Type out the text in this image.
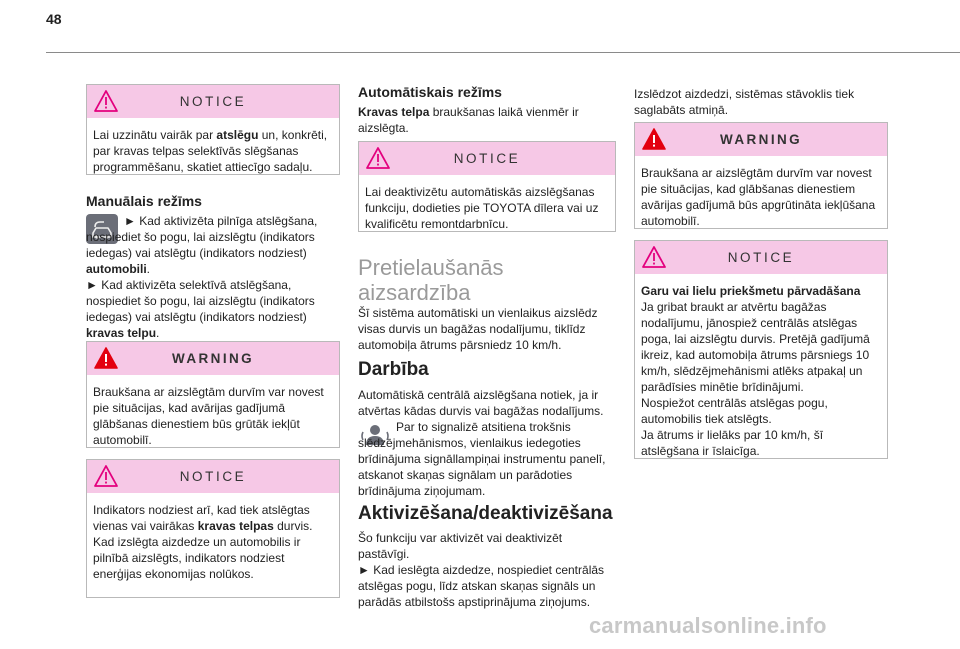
48
NOTICE
Lai uzzinātu vairāk par atslēgu un, konkrēti, par kravas telpas selektīvās slēgšanas programmēšanu, skatiet attiecīgo sadaļu.
Manuālais režīms
► Kad aktivizēta pilnīga atslēgšana, nospiediet šo pogu, lai aizslēgtu (indikators iedegas) vai atslēgtu (indikators nodziest) automobili.
► Kad aktivizēta selektīvā atslēgšana, nospiediet šo pogu, lai aizslēgtu (indikators iedegas) vai atslēgtu (indikators nodziest) kravas telpu.
WARNING
Braukšana ar aizslēgtām durvīm var novest pie situācijas, kad avārijas gadījumā glābšanas dienestiem būs grūtāk iekļūt automobilī.
NOTICE
Indikators nodziest arī, kad tiek atslēgtas vienas vai vairākas kravas telpas durvis.
Kad izslēgta aizdedze un automobilis ir pilnībā aizslēgts, indikators nodziest enerģijas ekonomijas nolūkos.
Automātiskais režīms
Kravas telpa braukšanas laikā vienmēr ir aizslēgta.
NOTICE
Lai deaktivizētu automātiskās aizslēgšanas funkciju, dodieties pie TOYOTA dīlera vai uz kvalificētu remontdarbnīcu.
Pretielaušanās
aizsardzība
Šī sistēma automātiski un vienlaikus aizslēdz visas durvis un bagāžas nodalījumu, tiklīdz automobiļa ātrums pārsniedz 10 km/h.
Darbība
Automātiskā centrālā aizslēgšana notiek, ja ir atvērtas kādas durvis vai bagāžas nodalījums.
Par to signalizē atsitiena trokšnis slēdzējmehānismos, vienlaikus iedegoties brīdinājuma signāllampiņai instrumentu panelī, atskanot skaņas signālam un parādoties brīdinājuma ziņojumam.
Aktivizēšana/deaktivizēšana
Šo funkciju var aktivizēt vai deaktivizēt pastāvīgi.
► Kad ieslēgta aizdedze, nospiediet centrālās atslēgas pogu, līdz atskan skaņas signāls un parādās atbilstošs apstiprinājuma ziņojums.
Izslēdzot aizdedzi, sistēmas stāvoklis tiek saglabāts atmiņā.
WARNING
Braukšana ar aizslēgtām durvīm var novest pie situācijas, kad glābšanas dienestiem avārijas gadījumā būs apgrūtināta iekļūšana automobilī.
NOTICE
Garu vai lielu priekšmetu pārvadāšana
Ja gribat braukt ar atvērtu bagāžas nodalījumu, jānospiež centrālās atslēgas poga, lai aizslēgtu durvis. Pretējā gadījumā ikreiz, kad automobiļa ātrums pārsniegs 10 km/h, slēdzējmehānismi atlēks atpakaļ un parādīsies minētie brīdinājumi.
Nospiežot centrālās atslēgas pogu, automobilis tiek atslēgts.
Ja ātrums ir lielāks par 10 km/h, šī atslēgšana ir īslaicīga.
carmanualsonline.info
